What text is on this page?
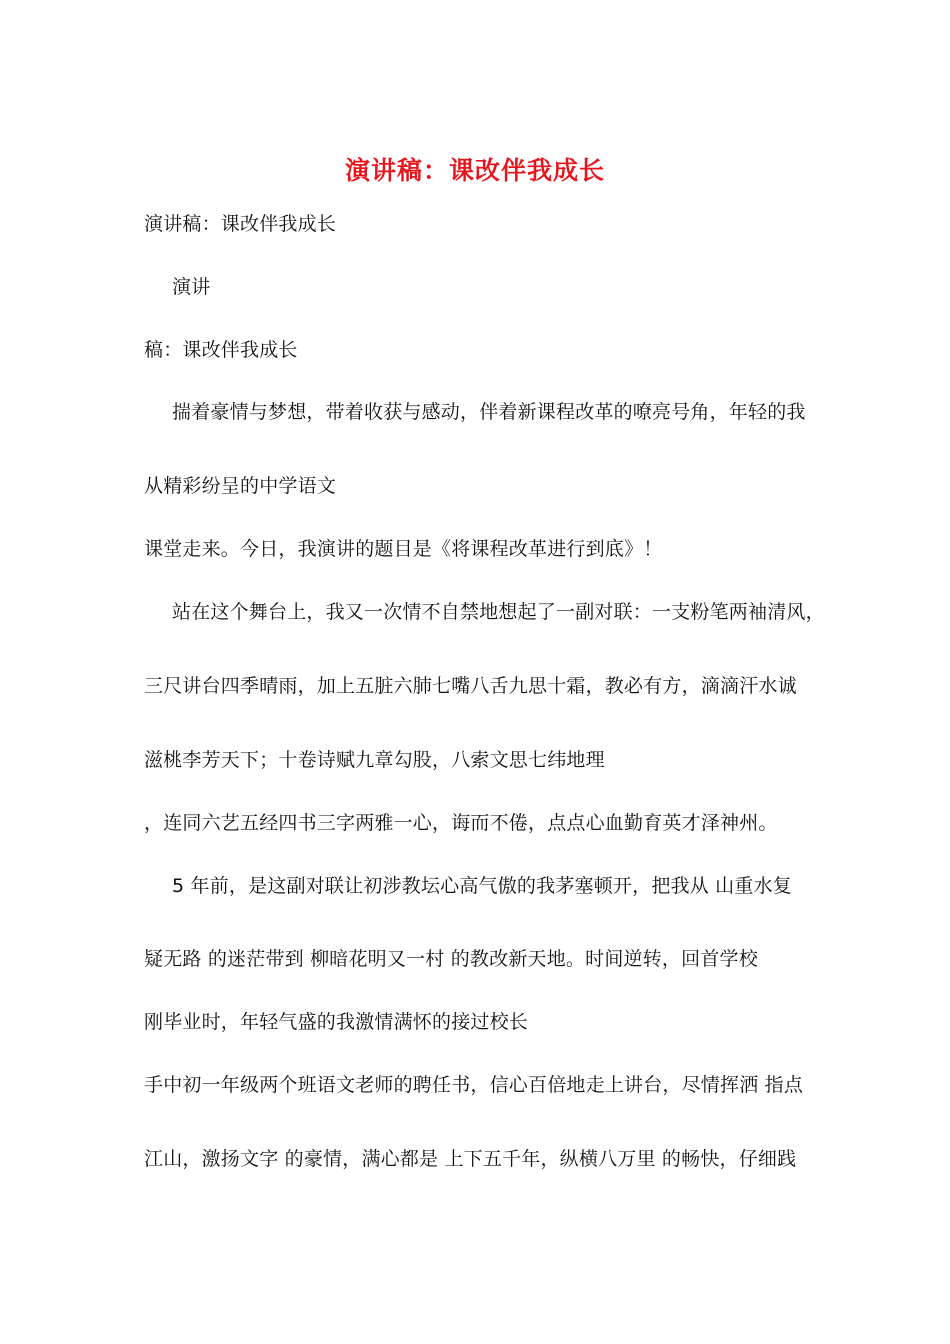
演讲稿：课改伴我成长
演讲稿：课改伴我成长
演讲
稿：课改伴我成长
揣着豪情与梦想，带着收获与感动，伴着新课程改革的嘹亮号角，年轻的我
从精彩纷呈的中学语文
课堂走来。今日，我演讲的题目是《将课程改革进行到底》！
站在这个舞台上，我又一次情不自禁地想起了一副对联：一支粉笔两袖清风，
三尺讲台四季晴雨，加上五脏六肺七嘴八舌九思十霜，教必有方，滴滴汗水诚
滋桃李芳天下；十卷诗赋九章勾股，八索文思七纬地理
，连同六艺五经四书三字两雅一心，诲而不倦，点点心血勤育英才泽神州。
5 年前，是这副对联让初涉教坛心高气傲的我茅塞顿开，把我从 山重水复
疑无路 的迷茫带到 柳暗花明又一村 的教改新天地。时间逆转，回首学校
刚毕业时，年轻气盛的我激情满怀的接过校长
手中初一年级两个班语文老师的聘任书，信心百倍地走上讲台，尽情挥洒 指点
江山，激扬文字 的豪情，满心都是 上下五千年，纵横八万里 的畅快，仔细践
